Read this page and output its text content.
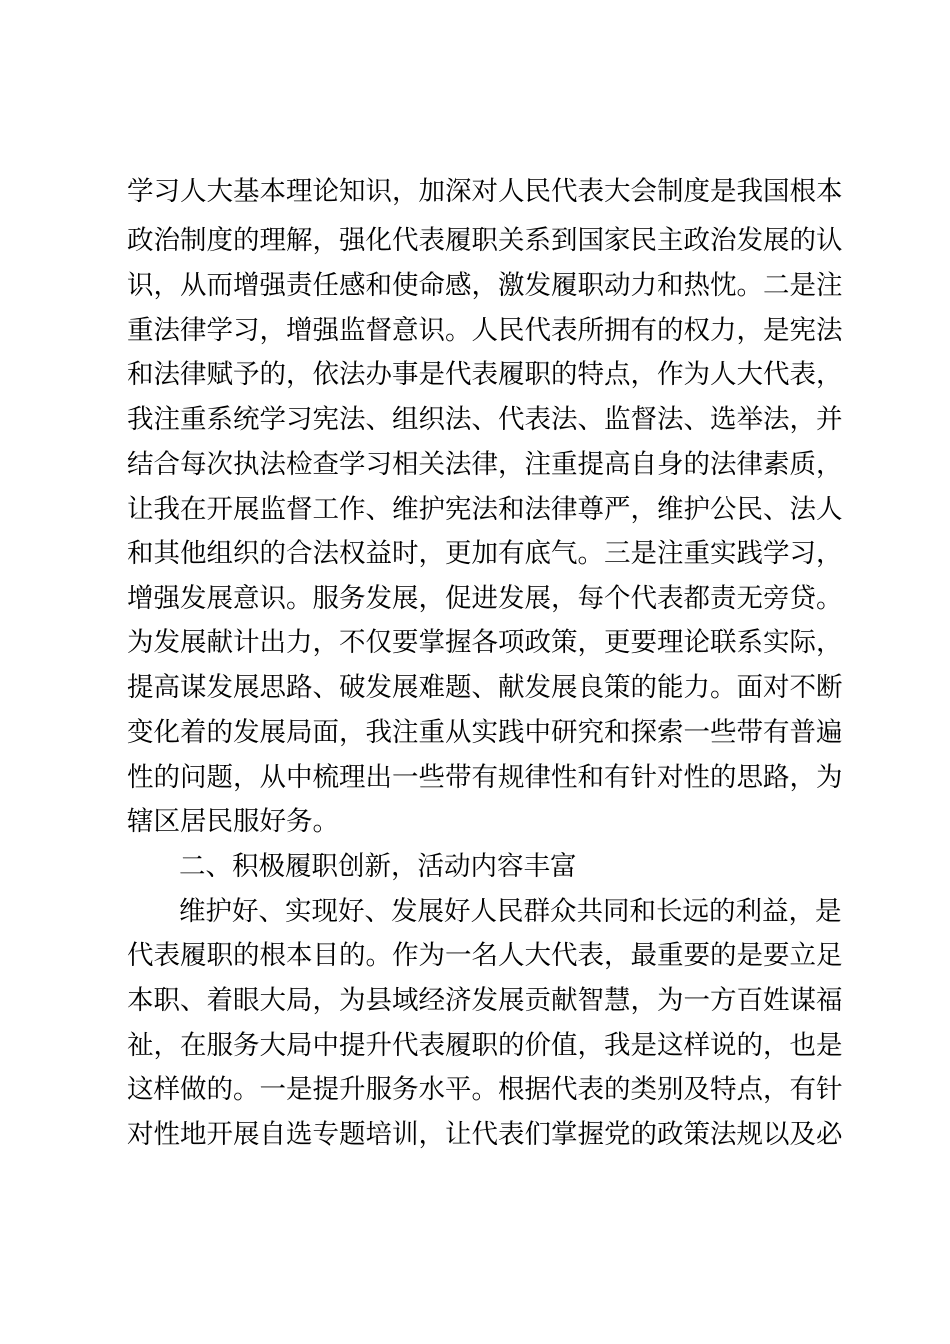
学习人大基本理论知识，加深对人民代表大会制度是我国根本
政治制度的理解，强化代表履职关系到国家民主政治发展的认
识，从而增强责任感和使命感，激发履职动力和热忱。二是注
重法律学习，增强监督意识。人民代表所拥有的权力，是宪法
和法律赋予的，依法办事是代表履职的特点，作为人大代表，
我注重系统学习宪法、组织法、代表法、监督法、选举法，并
结合每次执法检查学习相关法律，注重提高自身的法律素质，
让我在开展监督工作、维护宪法和法律尊严，维护公民、法人
和其他组织的合法权益时，更加有底气。三是注重实践学习，
增强发展意识。服务发展，促进发展，每个代表都责无旁贷。
为发展献计出力，不仅要掌握各项政策，更要理论联系实际，
提高谋发展思路、破发展难题、献发展良策的能力。面对不断
变化着的发展局面，我注重从实践中研究和探索一些带有普遍
性的问题，从中梳理出一些带有规律性和有针对性的思路，为
辖区居民服好务。
二、积极履职创新，活动内容丰富
维护好、实现好、发展好人民群众共同和长远的利益，是
代表履职的根本目的。作为一名人大代表，最重要的是要立足
本职、着眼大局，为县域经济发展贡献智慧，为一方百姓谋福
祉，在服务大局中提升代表履职的价值，我是这样说的，也是
这样做的。一是提升服务水平。根据代表的类别及特点，有针
对性地开展自选专题培训，让代表们掌握党的政策法规以及必
